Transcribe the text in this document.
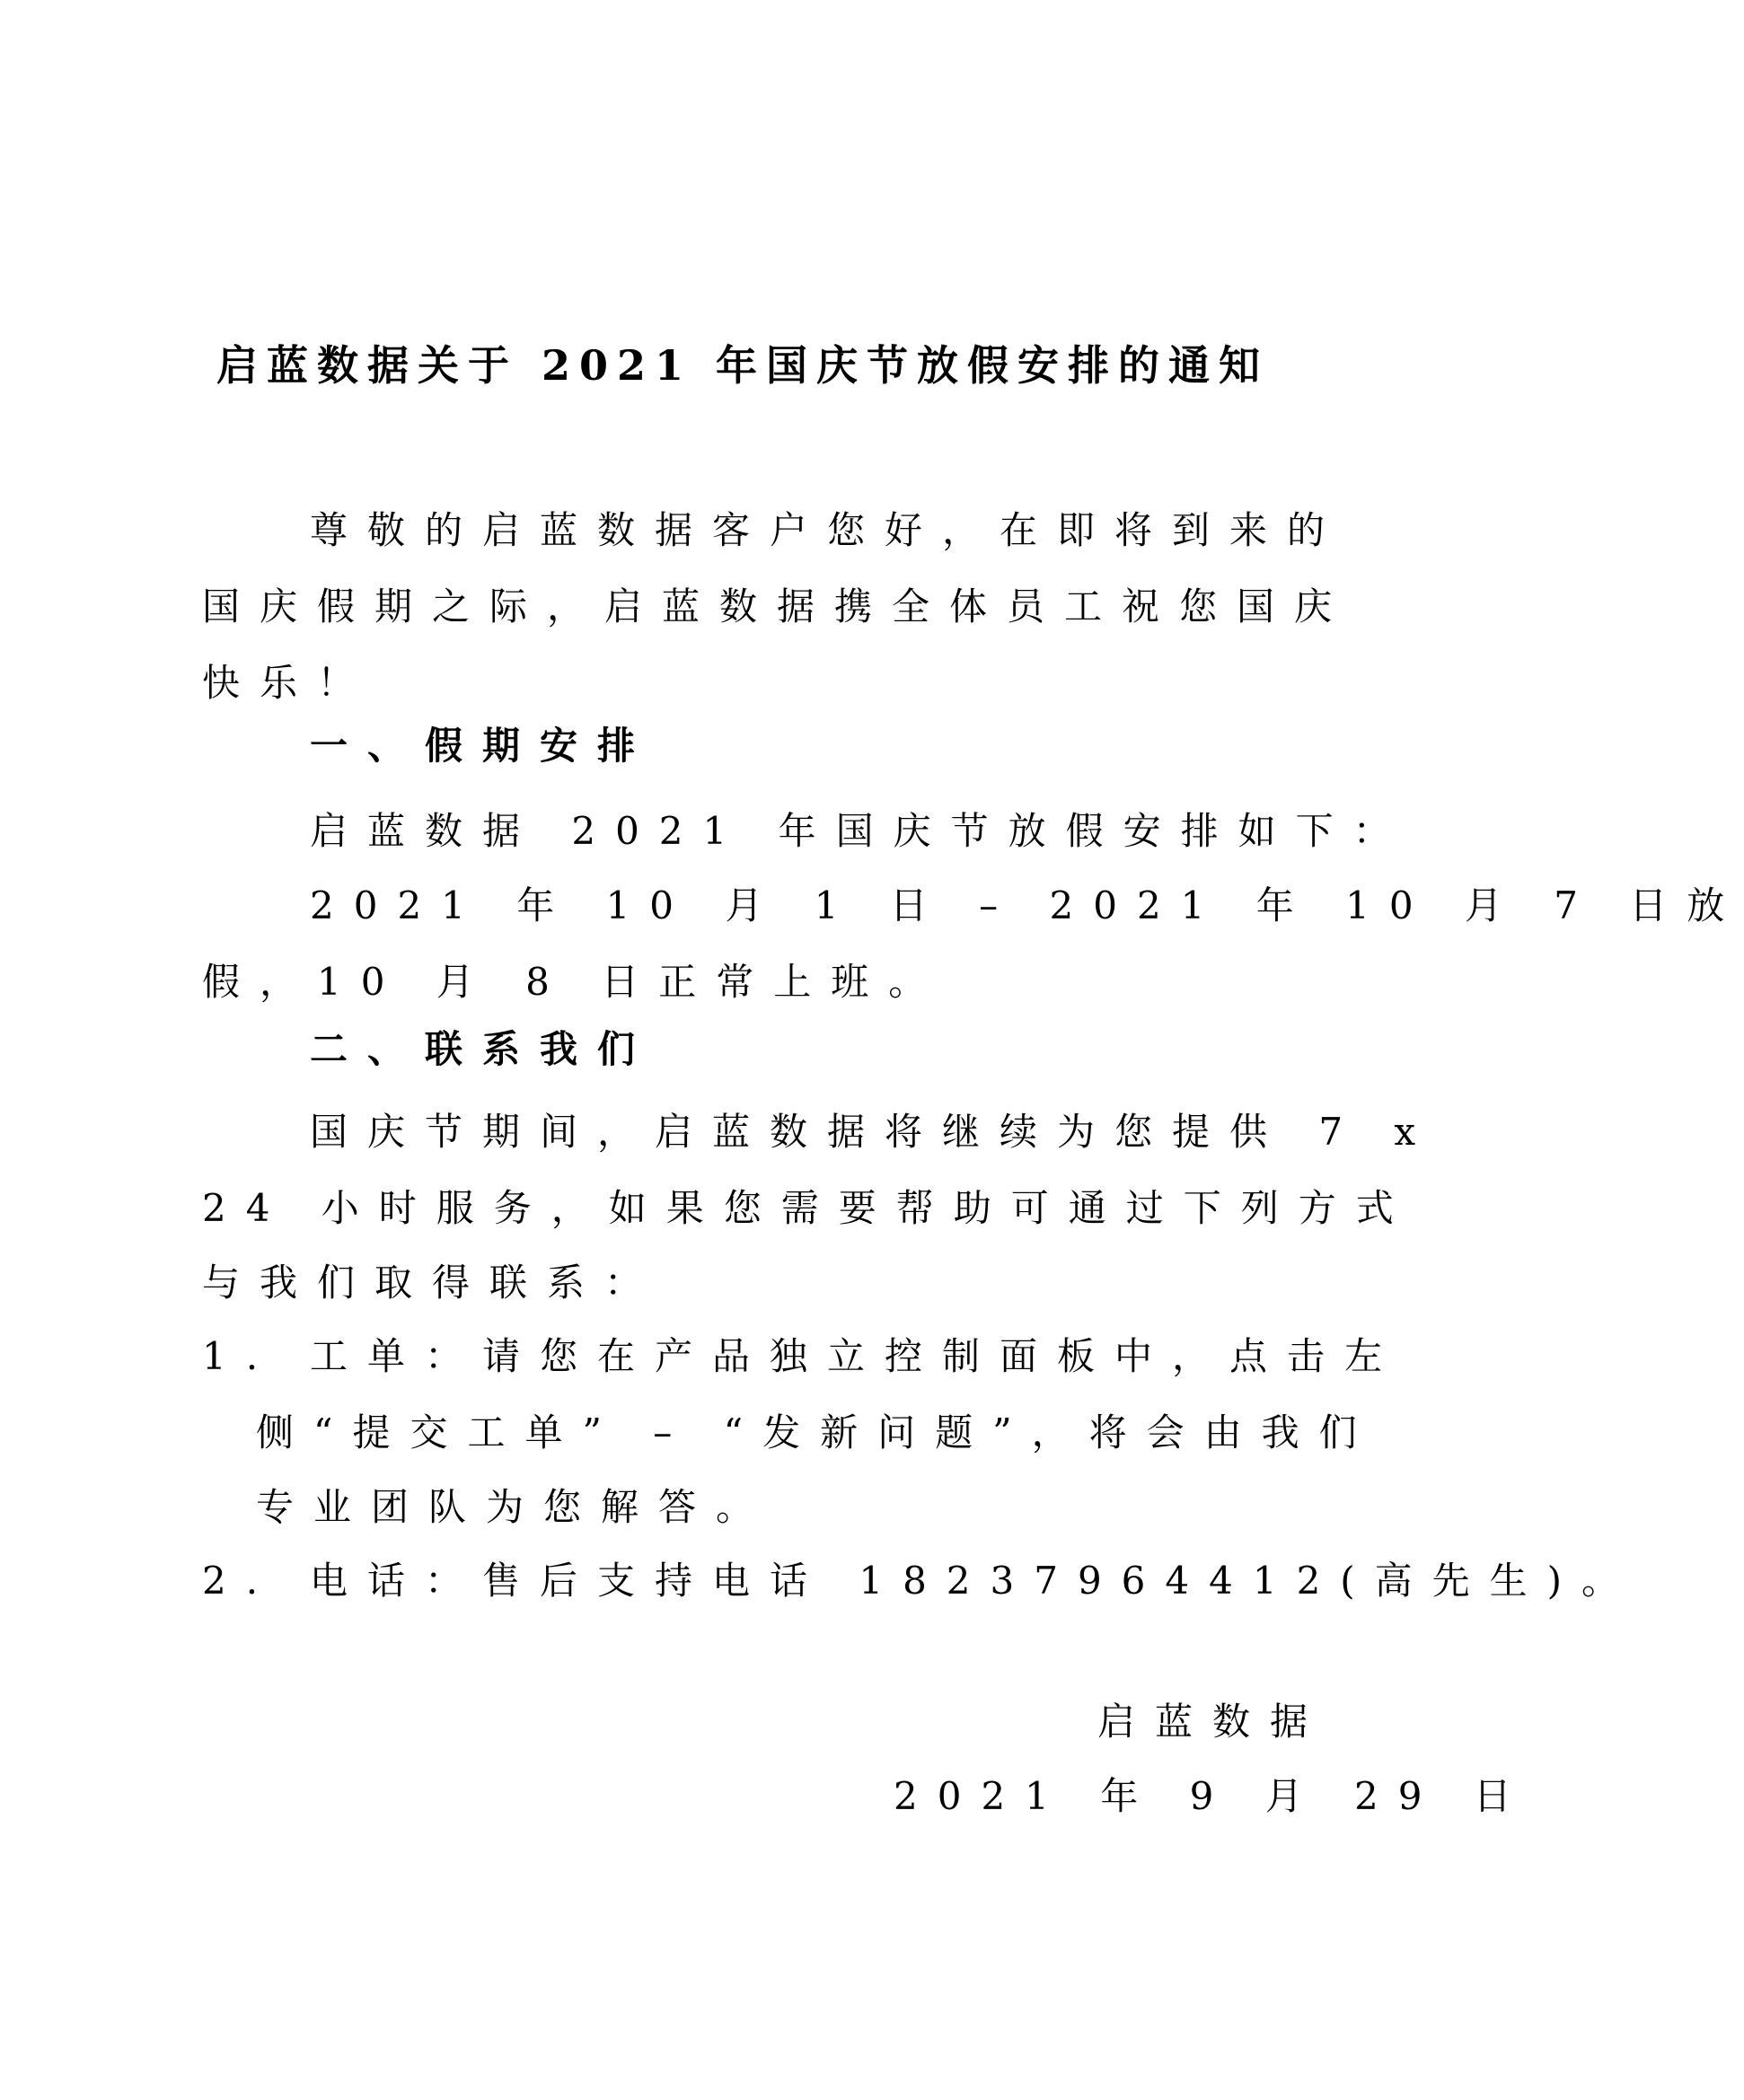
启蓝数据关于 2021 年国庆节放假安排的通知
尊敬的启蓝数据客户您好，在即将到来的
国庆假期之际，启蓝数据携全体员工祝您国庆
快乐！
一、假期安排
启蓝数据 2021 年国庆节放假安排如下：
2021 年 10 月 1 日 – 2021 年 10 月 7 日放
假，10 月 8 日正常上班。
二、联系我们
国庆节期间，启蓝数据将继续为您提供 7 x
24 小时服务，如果您需要帮助可通过下列方式
与我们取得联系：
1. 工单：请您在产品独立控制面板中，点击左
侧“提交工单” – “发新问题”，将会由我们
专业团队为您解答。
2. 电话：售后支持电话 18237964412(高先生)。
启蓝数据
2021 年 9 月 29 日
